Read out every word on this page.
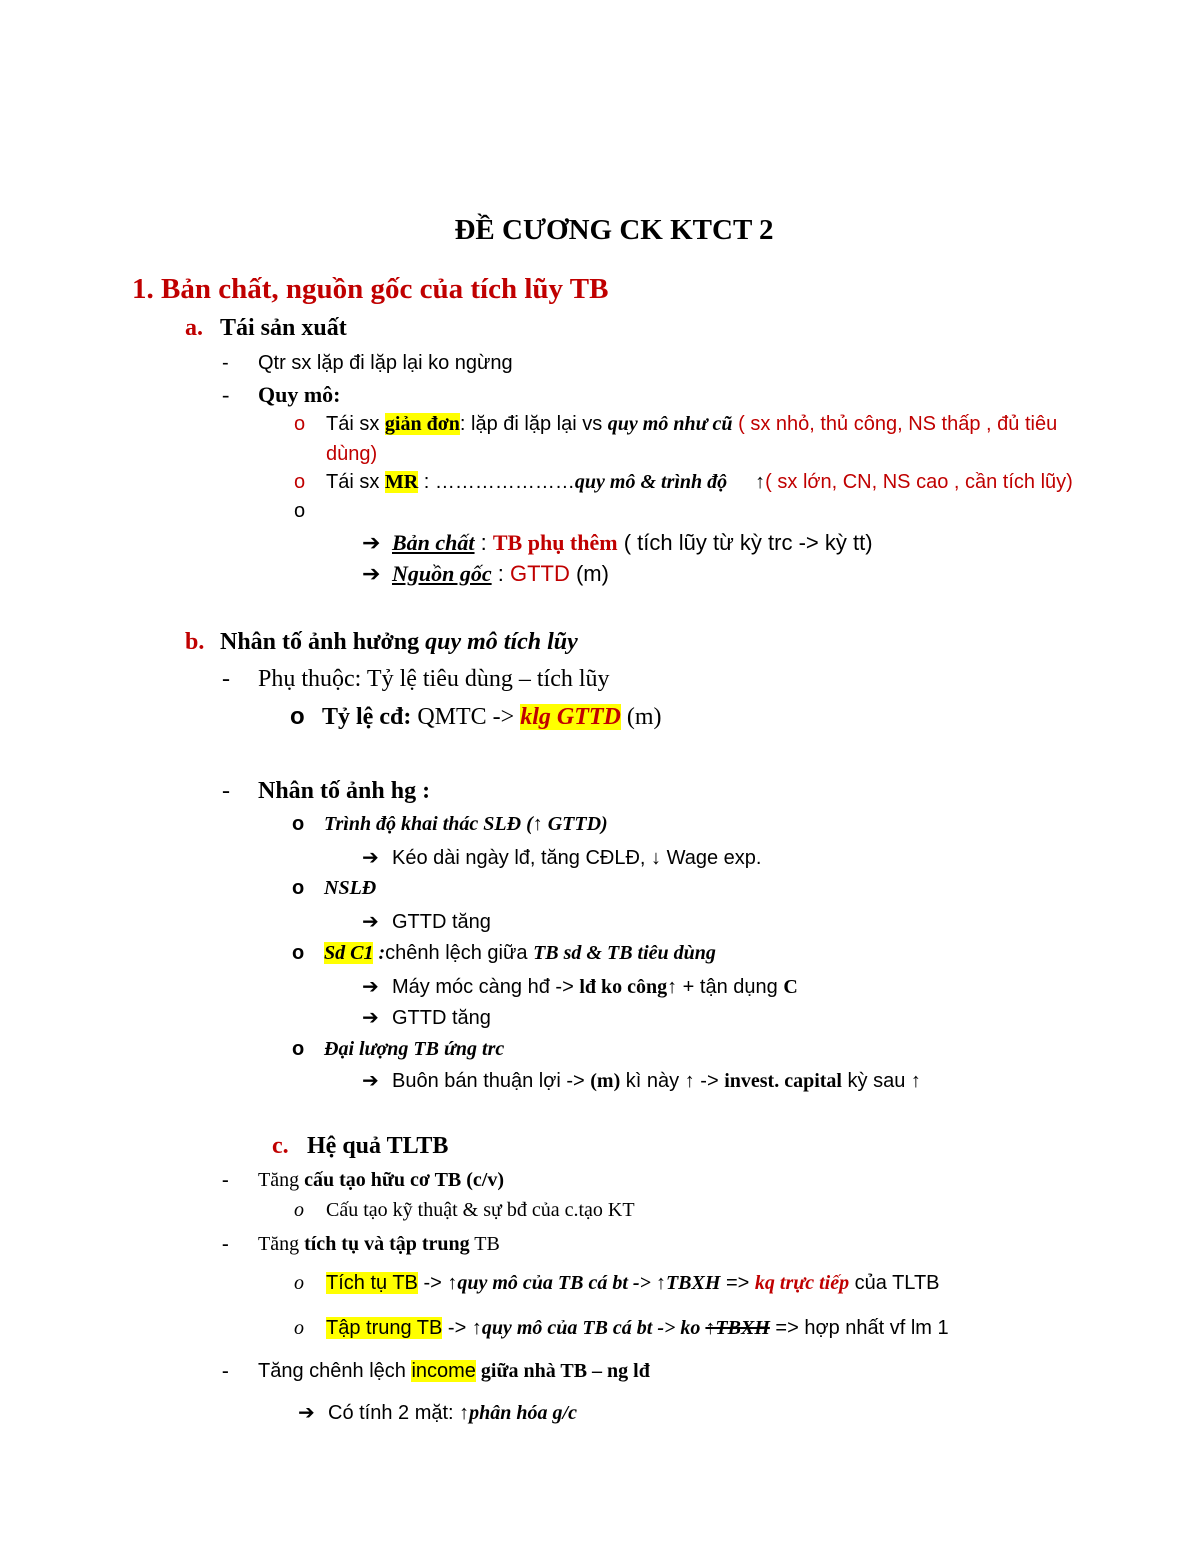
ĐỀ CƯƠNG CK KTCT 2
1. Bản chất, nguồn gốc của tích lũy TB
a. Tái sản xuất
- Qtr sx lặp đi lặp lại ko ngừng
- Quy mô:
o Tái sx giản đơn: lặp đi lặp lại vs quy mô như cũ ( sx nhỏ, thủ công, NS thấp , đủ tiêu
dùng)
o Tái sx MR : …………………quy mô & trình độ ↑( sx lớn, CN, NS cao , cần tích lũy)
o
➔ Bản chất : TB phụ thêm ( tích lũy từ kỳ trc -> kỳ tt)
➔ Nguồn gốc : GTTD (m)
b. Nhân tố ảnh hưởng quy mô tích lũy
- Phụ thuộc: Tỷ lệ tiêu dùng – tích lũy
o Tỷ lệ cđ: QMTC -> klg GTTD (m)
- Nhân tố ảnh hg :
o Trình độ khai thác SLĐ (↑ GTTD)
➔ Kéo dài ngày lđ, tăng CĐLĐ, ↓ Wage exp.
o NSLĐ
➔ GTTD tăng
o Sd C1 :chênh lệch giữa TB sd & TB tiêu dùng
➔ Máy móc càng hđ -> lđ ko công↑ + tận dụng C
➔ GTTD tăng
o Đại lượng TB ứng trc
➔ Buôn bán thuận lợi -> (m) kì này ↑ -> invest. capital kỳ sau ↑
c. Hệ quả TLTB
- Tăng cấu tạo hữu cơ TB (c/v)
o Cấu tạo kỹ thuật & sự bđ của c.tạo KT
- Tăng tích tụ và tập trung TB
o Tích tụ TB -> ↑quy mô của TB cá bt -> ↑TBXH => kq trực tiếp của TLTB
o Tập trung TB -> ↑quy mô của TB cá bt -> ko ↑TBXH => hợp nhất vf lm 1
- Tăng chênh lệch income giữa nhà TB – ng lđ
➔ Có tính 2 mặt: ↑phân hóa g/c
